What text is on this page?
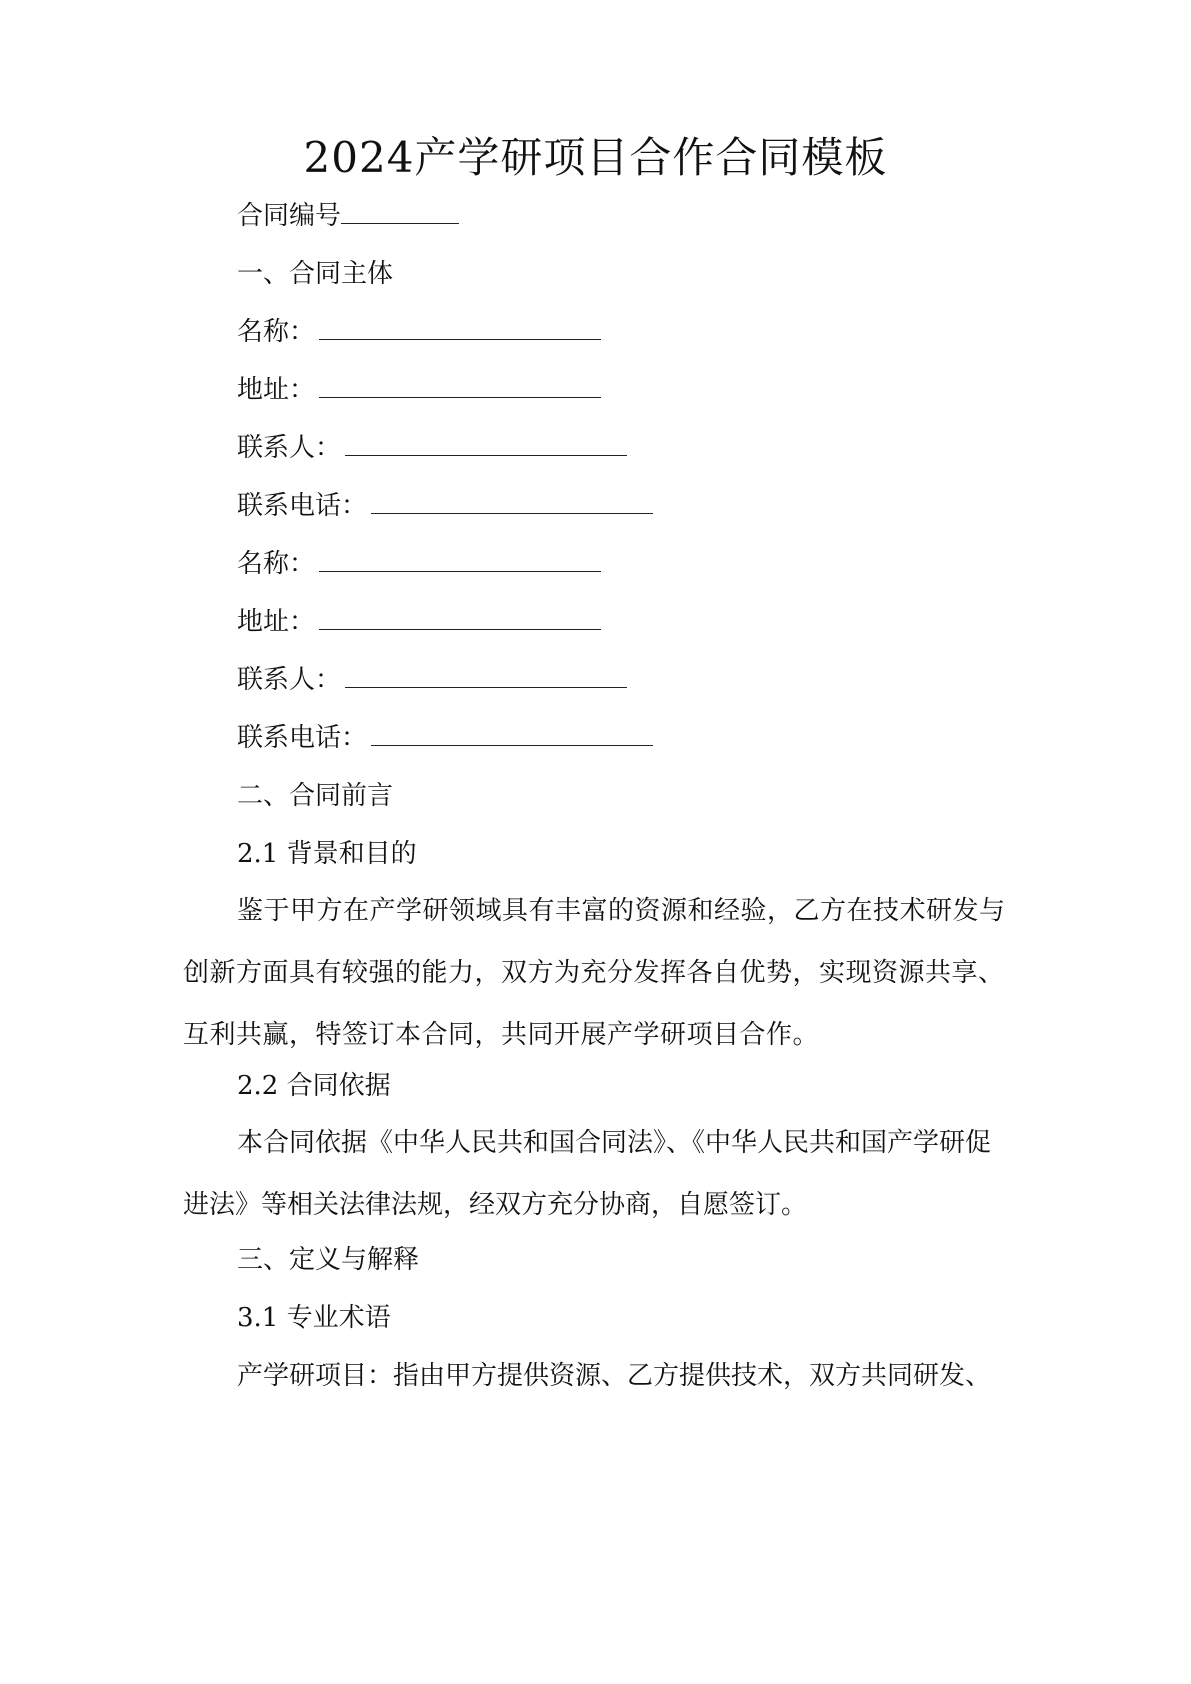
2024产学研项目合作合同模板
合同编号
一、合同主体
名称：
地址：
联系人：
联系电话：
名称：
地址：
联系人：
联系电话：
二、合同前言
2.1 背景和目的
鉴于甲方在产学研领域具有丰富的资源和经验，乙方在技术研发与创新方面具有较强的能力，双方为充分发挥各自优势，实现资源共享、互利共赢，特签订本合同，共同开展产学研项目合作。
2.2 合同依据
本合同依据《中华人民共和国合同法》、《中华人民共和国产学研促进法》等相关法律法规，经双方充分协商，自愿签订。
三、定义与解释
3.1 专业术语
产学研项目：指由甲方提供资源、乙方提供技术，双方共同研发、
